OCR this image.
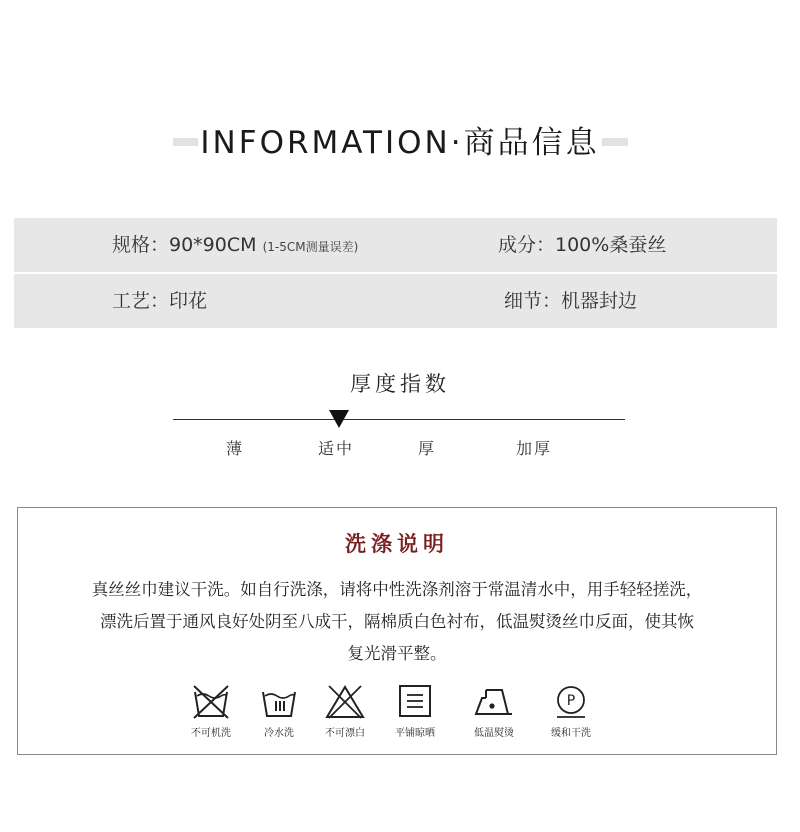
INFORMATION·商品信息
规格：90*90CM (1-5CM测量误差)	成分：100%桑蚕丝
工艺：印花	细节：机器封边
厚度指数
薄	适中	厚	加厚
洗涤说明
真丝丝巾建议干洗。如自行洗涤，请将中性洗涤剂溶于常温清水中，用手轻轻搓洗，
漂洗后置于通风良好处阴至八成干，隔棉质白色衬布，低温熨烫丝巾反面，使其恢
复光滑平整。
不可机洗	冷水洗	不可漂白	平铺晾晒	低温熨烫
P
缓和干洗
